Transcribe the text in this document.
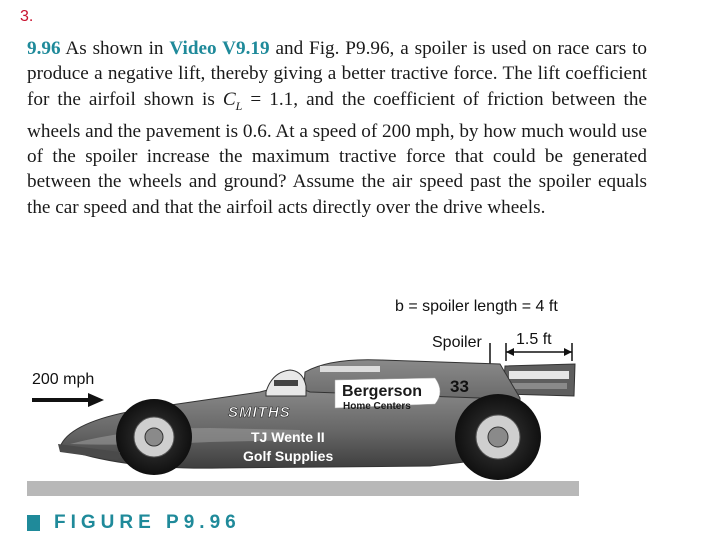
3.
9.96 As shown in Video V9.19 and Fig. P9.96, a spoiler is used on race cars to produce a negative lift, thereby giving a better tractive force. The lift coefficient for the airfoil shown is $C_L = 1.1$, and the coefficient of friction between the wheels and the pavement is 0.6. At a speed of 200 mph, by how much would use of the spoiler increase the maximum tractive force that could be generated between the wheels and ground? Assume the air speed past the spoiler equals the car speed and that the airfoil acts directly over the drive wheels.
b = spoiler length = 4 ft
Spoiler 1.5 ft
200 mph
Bergerson
Home Centers
33
SMITHS
TJ Wente II
Golf Supplies
FIGURE P9.96
